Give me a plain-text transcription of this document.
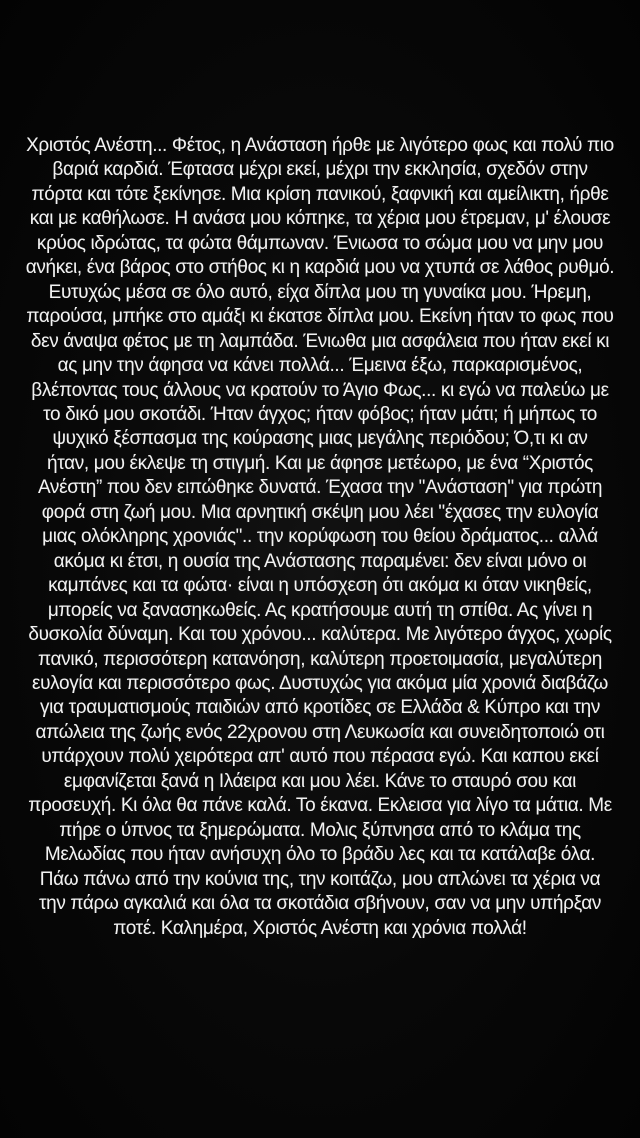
Χριστός Ανέστη... Φέτος, η Ανάσταση ήρθε με λιγότερο φως και πολύ πιο
βαριά καρδιά. Έφτασα μέχρι εκεί, μέχρι την εκκλησία, σχεδόν στην
πόρτα και τότε ξεκίνησε. Μια κρίση πανικού, ξαφνική και αμείλικτη, ήρθε
και με καθήλωσε. Η ανάσα μου κόπηκε, τα χέρια μου έτρεμαν, μ' έλουσε
κρύος ιδρώτας, τα φώτα θάμπωναν. Ένιωσα το σώμα μου να μην μου
ανήκει, ένα βάρος στο στήθος κι η καρδιά μου να χτυπά σε λάθος ρυθμό.
Ευτυχώς μέσα σε όλο αυτό, είχα δίπλα μου τη γυναίκα μου. Ήρεμη,
παρούσα, μπήκε στο αμάξι κι έκατσε δίπλα μου. Εκείνη ήταν το φως που
δεν άναψα φέτος με τη λαμπάδα. Ένιωθα μια ασφάλεια που ήταν εκεί κι
ας μην την άφησα να κάνει πολλά... Έμεινα έξω, παρκαρισμένος,
βλέποντας τους άλλους να κρατούν το Άγιο Φως... κι εγώ να παλεύω με
το δικό μου σκοτάδι. Ήταν άγχος; ήταν φόβος; ήταν μάτι; ή μήπως το
ψυχικό ξέσπασμα της κούρασης μιας μεγάλης περιόδου; Ό,τι κι αν
ήταν, μου έκλεψε τη στιγμή. Και με άφησε μετέωρο, με ένα “Χριστός
Ανέστη” που δεν ειπώθηκε δυνατά. Έχασα την "Ανάσταση" για πρώτη
φορά στη ζωή μου. Μια αρνητική σκέψη μου λέει "έχασες την ευλογία
μιας ολόκληρης χρονιάς".. την κορύφωση του θείου δράματος... αλλά
ακόμα κι έτσι, η ουσία της Ανάστασης παραμένει: δεν είναι μόνο οι
καμπάνες και τα φώτα· είναι η υπόσχεση ότι ακόμα κι όταν νικηθείς,
μπορείς να ξανασηκωθείς. Ας κρατήσουμε αυτή τη σπίθα. Ας γίνει η
δυσκολία δύναμη. Και του χρόνου... καλύτερα. Με λιγότερο άγχος, χωρίς
πανικό, περισσότερη κατανόηση, καλύτερη προετοιμασία, μεγαλύτερη
ευλογία και περισσότερο φως. Δυστυχώς για ακόμα μία χρονιά διαβάζω
για τραυματισμούς παιδιών από κροτίδες σε Ελλάδα & Κύπρο και την
απώλεια της ζωής ενός 22χρονου στη Λευκωσία και συνειδητοποιώ οτι
υπάρχουν πολύ χειρότερα απ' αυτό που πέρασα εγώ. Και καπου εκεί
εμφανίζεται ξανά η Ιλάειρα και μου λέει. Κάνε το σταυρό σου και
προσευχή. Κι όλα θα πάνε καλά. Το έκανα. Εκλεισα για λίγο τα μάτια. Με
πήρε ο ύπνος τα ξημερώματα. Μολις ξύπνησα από το κλάμα της
Μελωδίας που ήταν ανήσυχη όλο το βράδυ λες και τα κατάλαβε όλα.
Πάω πάνω από την κούνια της, την κοιτάζω, μου απλώνει τα χέρια να
την πάρω αγκαλιά και όλα τα σκοτάδια σβήνουν, σαν να μην υπήρξαν
ποτέ. Καλημέρα, Χριστός Ανέστη και χρόνια πολλά!
